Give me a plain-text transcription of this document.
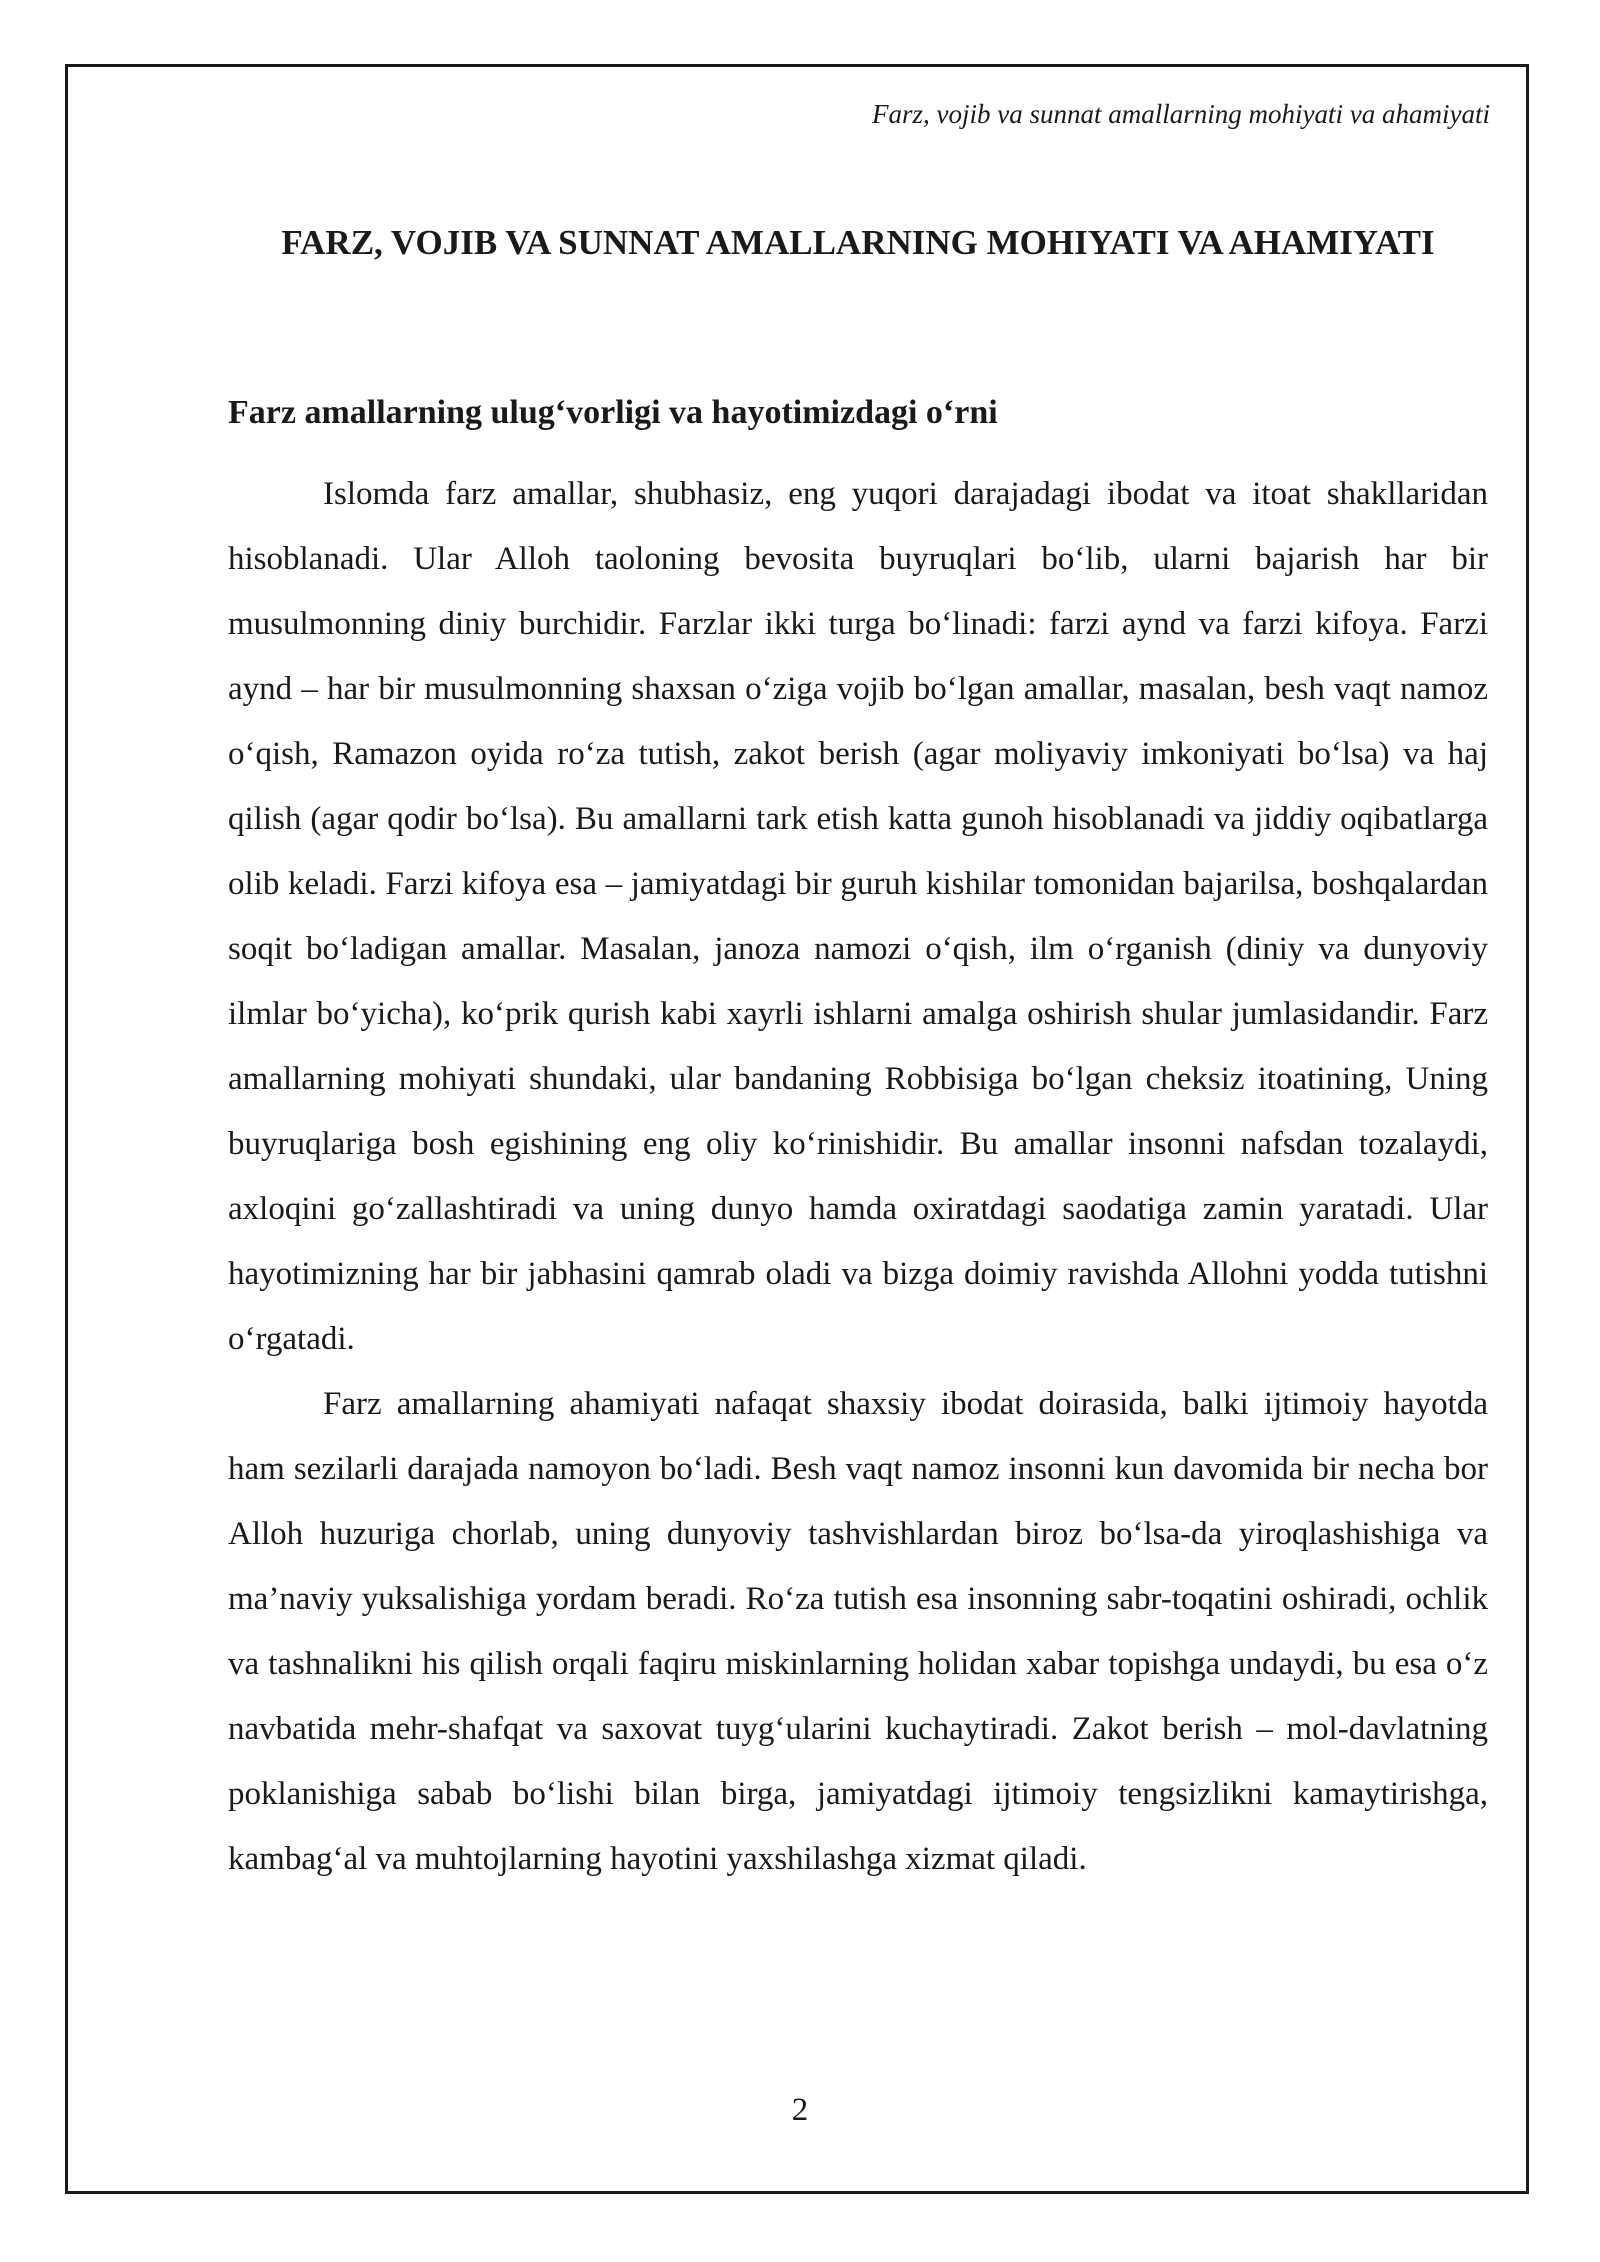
Farz, vojib va sunnat amallarning mohiyati va ahamiyati
FARZ, VOJIB VA SUNNAT AMALLARNING MOHIYATI VA AHAMIYATI
Farz amallarning ulug‘vorligi va hayotimizdagi o‘rni

Islomda farz amallar, shubhasiz, eng yuqori darajadagi ibodat va itoat shakllaridan hisoblanadi. Ular Alloh taoloning bevosita buyruqlari bo‘lib, ularni bajarish har bir musulmonning diniy burchidir. Farzlar ikki turga bo‘linadi: farzi aynd va farzi kifoya. Farzi aynd – har bir musulmonning shaxsan o‘ziga vojib bo‘lgan amallar, masalan, besh vaqt namoz o‘qish, Ramazon oyida ro‘za tutish, zakot berish (agar moliyaviy imkoniyati bo‘lsa) va haj qilish (agar qodir bo‘lsa). Bu amallarni tark etish katta gunoh hisoblanadi va jiddiy oqibatlarga olib keladi. Farzi kifoya esa – jamiyatdagi bir guruh kishilar tomonidan bajarilsa, boshqalardan soqit bo‘ladigan amallar. Masalan, janoza namozi o‘qish, ilm o‘rganish (diniy va dunyoviy ilmlar bo‘yicha), ko‘prik qurish kabi xayrli ishlarni amalga oshirish shular jumlasidandir. Farz amallarning mohiyati shundaki, ular bandaning Robbisiga bo‘lgan cheksiz itoatining, Uning buyruqlariga bosh egishining eng oliy ko‘rinishidir. Bu amallar insonni nafsdan tozalaydi, axloqini go‘zallashtiradi va uning dunyo hamda oxiratdagi saodatiga zamin yaratadi. Ular hayotimizning har bir jabhasini qamrab oladi va bizga doimiy ravishda Allohni yodda tutishni o‘rgatadi.

Farz amallarning ahamiyati nafaqat shaxsiy ibodat doirasida, balki ijtimoiy hayotda ham sezilarli darajada namoyon bo‘ladi. Besh vaqt namoz insonni kun davomida bir necha bor Alloh huzuriga chorlab, uning dunyoviy tashvishlardan biroz bo‘lsa-da yiroqlashishiga va ma’naviy yuksalishiga yordam beradi. Ro‘za tutish esa insonning sabr-toqatini oshiradi, ochlik va tashnalikni his qilish orqali faqiru miskinlarning holidan xabar topishga undaydi, bu esa o‘z navbatida mehr-shafqat va saxovat tuyg‘ularini kuchaytiradi. Zakot berish – mol-davlatning poklanishiga sabab bo‘lishi bilan birga, jamiyatdagi ijtimoiy tengsizlikni kamaytirishga, kambag‘al va muhtojlarning hayotini yaxshilashga xizmat qiladi.

2
